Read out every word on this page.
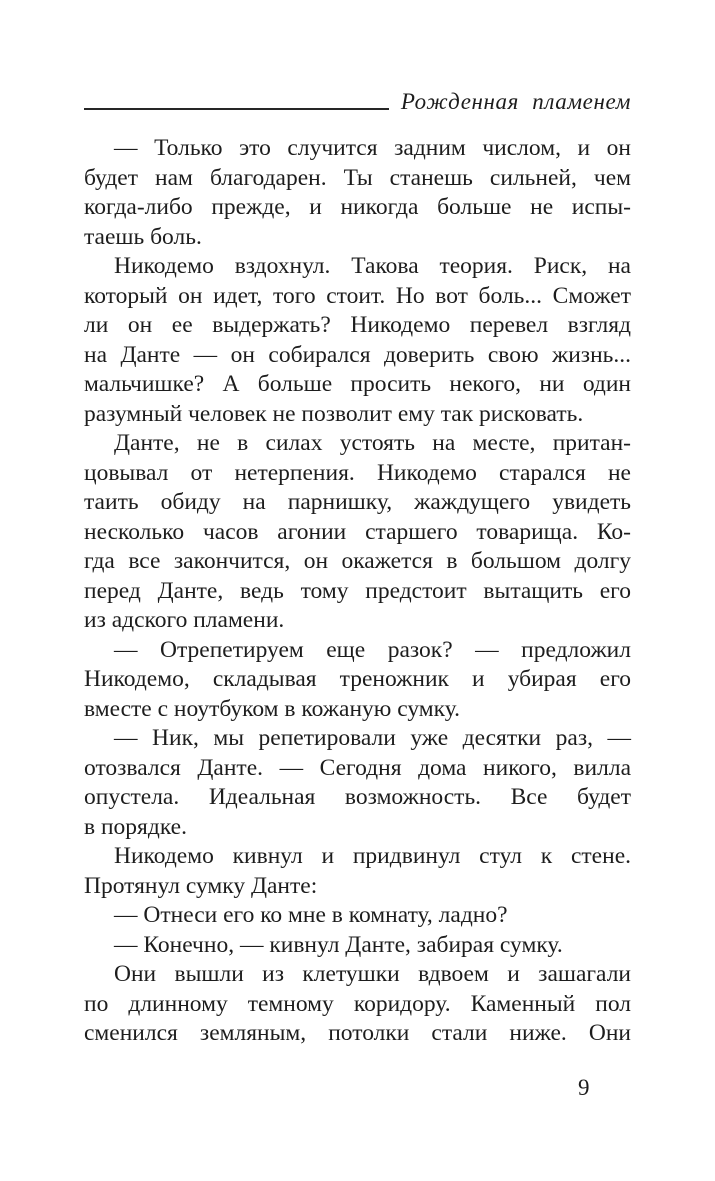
Рожденная пламенем

— Только это случится задним числом, и он
будет нам благодарен. Ты станешь сильней, чем
когда-либо прежде, и никогда больше не испы-
таешь боль.

Никодемо вздохнул. Такова теория. Риск, на
который он идет, того стоит. Но вот боль... Сможет
ли он ее выдержать? Никодемо перевел взгляд
на Данте — он собирался доверить свою жизнь...
мальчишке? А больше просить некого, ни один
разумный человек не позволит ему так рисковать.

Данте, не в силах устоять на месте, притан-
цовывал от нетерпения. Никодемо старался не
таить обиду на парнишку, жаждущего увидеть
несколько часов агонии старшего товарища. Ко-
гда все закончится, он окажется в большом долгу
перед Данте, ведь тому предстоит вытащить его
из адского пламени.

— Отрепетируем еще разок? — предложил
Никодемо, складывая треножник и убирая его
вместе с ноутбуком в кожаную сумку.

— Ник, мы репетировали уже десятки раз, —
отозвался Данте. — Сегодня дома никого, вилла
опустела. Идеальная возможность. Все будет
в порядке.

Никодемо кивнул и придвинул стул к стене.
Протянул сумку Данте:

— Отнеси его ко мне в комнату, ладно?

— Конечно, — кивнул Данте, забирая сумку.

Они вышли из клетушки вдвоем и зашагали
по длинному темному коридору. Каменный пол
сменился земляным, потолки стали ниже. Они

9
